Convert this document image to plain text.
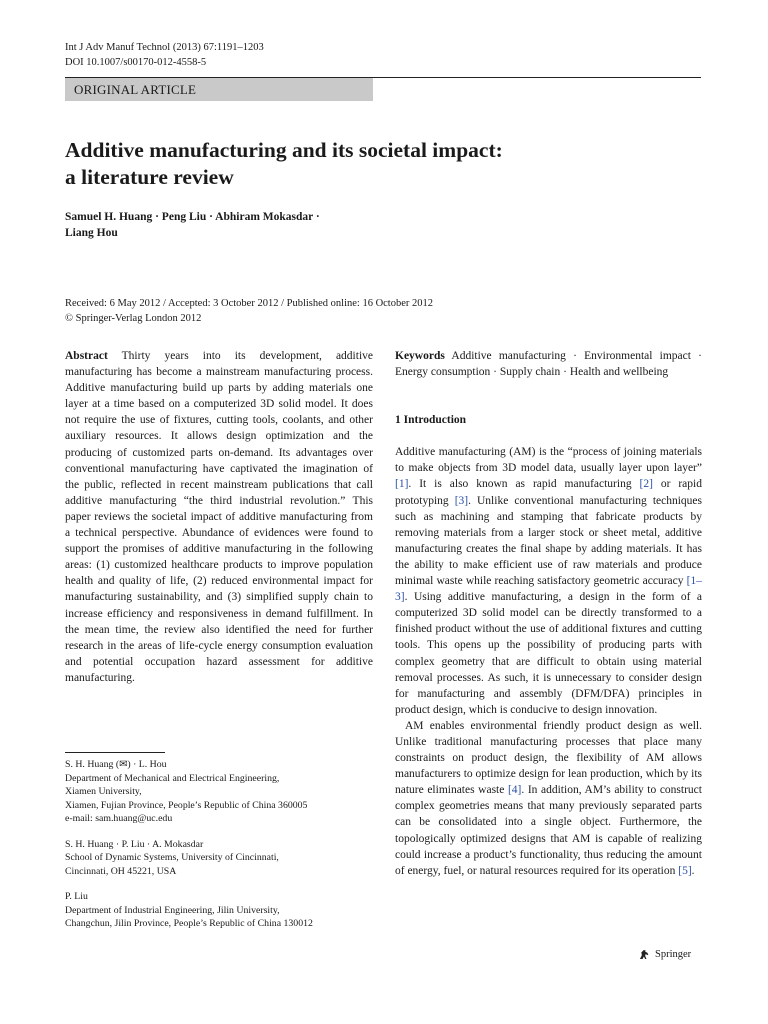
Int J Adv Manuf Technol (2013) 67:1191–1203
DOI 10.1007/s00170-012-4558-5
ORIGINAL ARTICLE
Additive manufacturing and its societal impact:
a literature review
Samuel H. Huang · Peng Liu · Abhiram Mokasdar ·
Liang Hou
Received: 6 May 2012 / Accepted: 3 October 2012 / Published online: 16 October 2012
© Springer-Verlag London 2012
Abstract Thirty years into its development, additive manufacturing has become a mainstream manufacturing process. Additive manufacturing build up parts by adding materials one layer at a time based on a computerized 3D solid model. It does not require the use of fixtures, cutting tools, coolants, and other auxiliary resources. It allows design optimization and the producing of customized parts on-demand. Its advantages over conventional manufacturing have captivated the imagination of the public, reflected in recent mainstream publications that call additive manufacturing “the third industrial revolution.” This paper reviews the societal impact of additive manufacturing from a technical perspective. Abundance of evidences were found to support the promises of additive manufacturing in the following areas: (1) customized healthcare products to improve population health and quality of life, (2) reduced environmental impact for manufacturing sustainability, and (3) simplified supply chain to increase efficiency and responsiveness in demand fulfillment. In the mean time, the review also identified the need for further research in the areas of life-cycle energy consumption evaluation and potential occupation hazard assessment for additive manufacturing.

S. H. Huang (✉) · L. Hou
Department of Mechanical and Electrical Engineering,
Xiamen University,
Xiamen, Fujian Province, People’s Republic of China 360005
e-mail: sam.huang@uc.edu

S. H. Huang · P. Liu · A. Mokasdar
School of Dynamic Systems, University of Cincinnati,
Cincinnati, OH 45221, USA

P. Liu
Department of Industrial Engineering, Jilin University,
Changchun, Jilin Province, People’s Republic of China 130012

Keywords Additive manufacturing · Environmental impact · Energy consumption · Supply chain · Health and wellbeing
1 Introduction

Additive manufacturing (AM) is the “process of joining materials to make objects from 3D model data, usually layer upon layer” [1]. It is also known as rapid manufacturing [2] or rapid prototyping [3]. Unlike conventional manufacturing techniques such as machining and stamping that fabricate products by removing materials from a larger stock or sheet metal, additive manufacturing creates the final shape by adding materials. It has the ability to make efficient use of raw materials and produce minimal waste while reaching satisfactory geometric accuracy [1–3]. Using additive manufacturing, a design in the form of a computerized 3D solid model can be directly transformed to a finished product without the use of additional fixtures and cutting tools. This opens up the possibility of producing parts with complex geometry that are difficult to obtain using material removal processes. As such, it is unnecessary to consider design for manufacturing and assembly (DFM/DFA) principles in product design, which is conducive to design innovation.

AM enables environmental friendly product design as well. Unlike traditional manufacturing processes that place many constraints on product design, the flexibility of AM allows manufacturers to optimize design for lean production, which by its nature eliminates waste [4]. In addition, AM’s ability to construct complex geometries means that many previously separated parts can be consolidated into a single object. Furthermore, the topologically optimized designs that AM is capable of realizing could increase a product’s functionality, thus reducing the amount of energy, fuel, or natural resources required for its operation [5].

Springer
